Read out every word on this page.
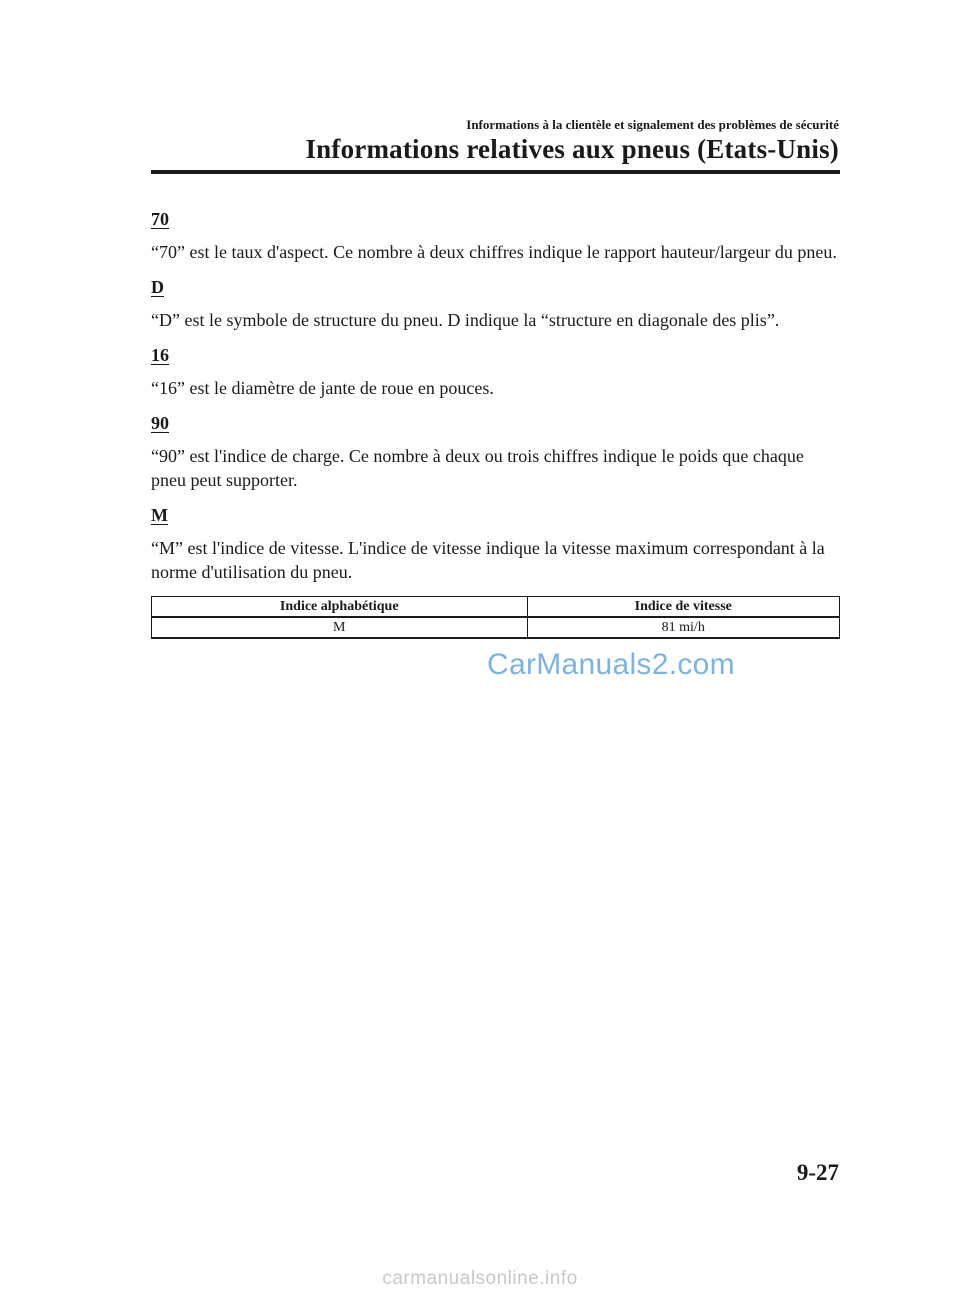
Informations à la clientèle et signalement des problèmes de sécurité
Informations relatives aux pneus (Etats-Unis)

70

“70” est le taux d'aspect. Ce nombre à deux chiffres indique le rapport hauteur/largeur du pneu.

D

“D” est le symbole de structure du pneu. D indique la “structure en diagonale des plis”.

16

“16” est le diamètre de jante de roue en pouces.

90

“90” est l'indice de charge. Ce nombre à deux ou trois chiffres indique le poids que chaque pneu peut supporter.

M

“M” est l'indice de vitesse. L'indice de vitesse indique la vitesse maximum correspondant à la norme d'utilisation du pneu.

Indice alphabétique	Indice de vitesse
M	81 mi/h
CarManuals2.com
9-27
carmanualsonline.info
